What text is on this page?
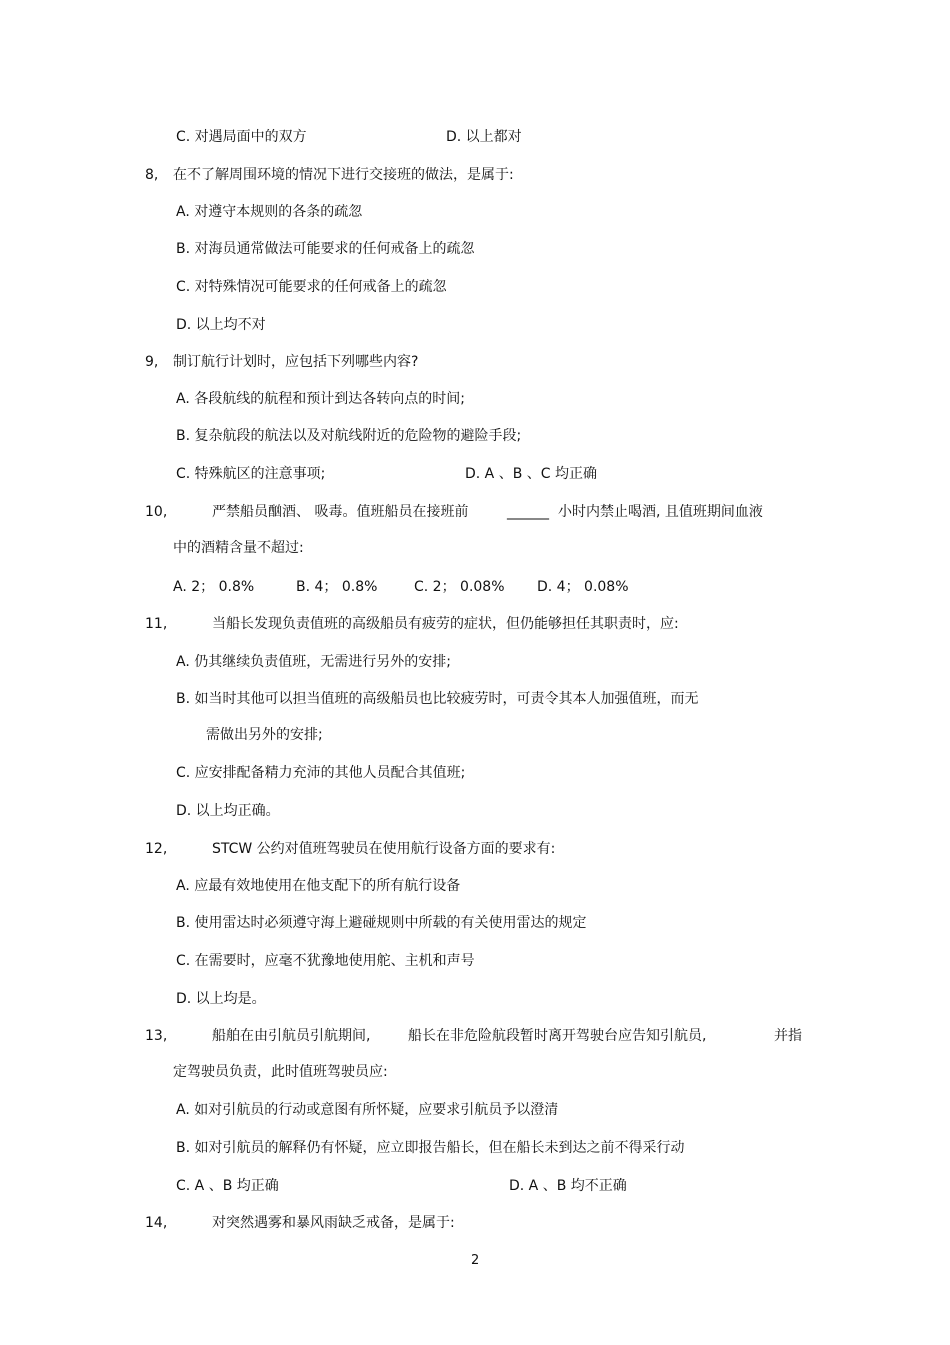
C. 对遇局面中的双方	D. 以上都对
8, 在不了解周围环境的情况下进行交接班的做法，是属于:
A. 对遵守本规则的各条的疏忽
B. 对海员通常做法可能要求的任何戒备上的疏忽
C. 对特殊情况可能要求的任何戒备上的疏忽
D. 以上均不对
9, 制订航行计划时，应包括下列哪些内容?
A. 各段航线的航程和预计到达各转向点的时间;
B. 复杂航段的航法以及对航线附近的危险物的避险手段;
C. 特殊航区的注意事项;	D. A 、B 、C 均正确
10,	严禁船员酗酒、 吸毒。值班船员在接班前	______ 小时内禁止喝酒, 且值班期间血液
中的酒精含量不超过:
A. 2； 0.8%	B. 4； 0.8%	C. 2； 0.08% D. 4； 0.08%
11,	当船长发现负责值班的高级船员有疲劳的症状，但仍能够担任其职责时，应:
A. 仍其继续负责值班，无需进行另外的安排;
B. 如当时其他可以担当值班的高级船员也比较疲劳时，可责令其本人加强值班，而无
需做出另外的安排;
C. 应安排配备精力充沛的其他人员配合其值班;
D. 以上均正确。
12,	STCW 公约对值班驾驶员在使用航行设备方面的要求有:
A. 应最有效地使用在他支配下的所有航行设备
B. 使用雷达时必须遵守海上避碰规则中所载的有关使用雷达的规定
C. 在需要时，应毫不犹豫地使用舵、主机和声号
D. 以上均是。
13,	船舶在由引航员引航期间,	船长在非危险航段暂时离开驾驶台应告知引航员,	并指
定驾驶员负责，此时值班驾驶员应:
A. 如对引航员的行动或意图有所怀疑，应要求引航员予以澄清
B. 如对引航员的解释仍有怀疑，应立即报告船长，但在船长未到达之前不得采行动
C. A 、B 均正确	D. A 、B 均不正确
14,	对突然遇雾和暴风雨缺乏戒备，是属于:
2
